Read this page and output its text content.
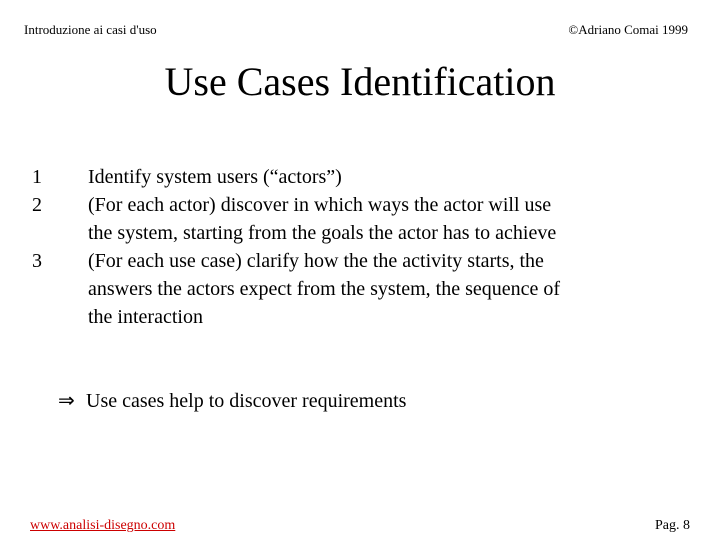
Introduzione ai casi d'uso	©Adriano Comai 1999
Use Cases Identification
1	Identify system users (“actors”)
2	(For each actor) discover in which ways the actor will use
the system, starting from the goals the actor has to achieve
3	(For each use case) clarify how the the activity starts, the
answers the actors expect from the system, the sequence of
the interaction
⇒ Use cases help to discover requirements
www.analisi-disegno.com	Pag. 8
